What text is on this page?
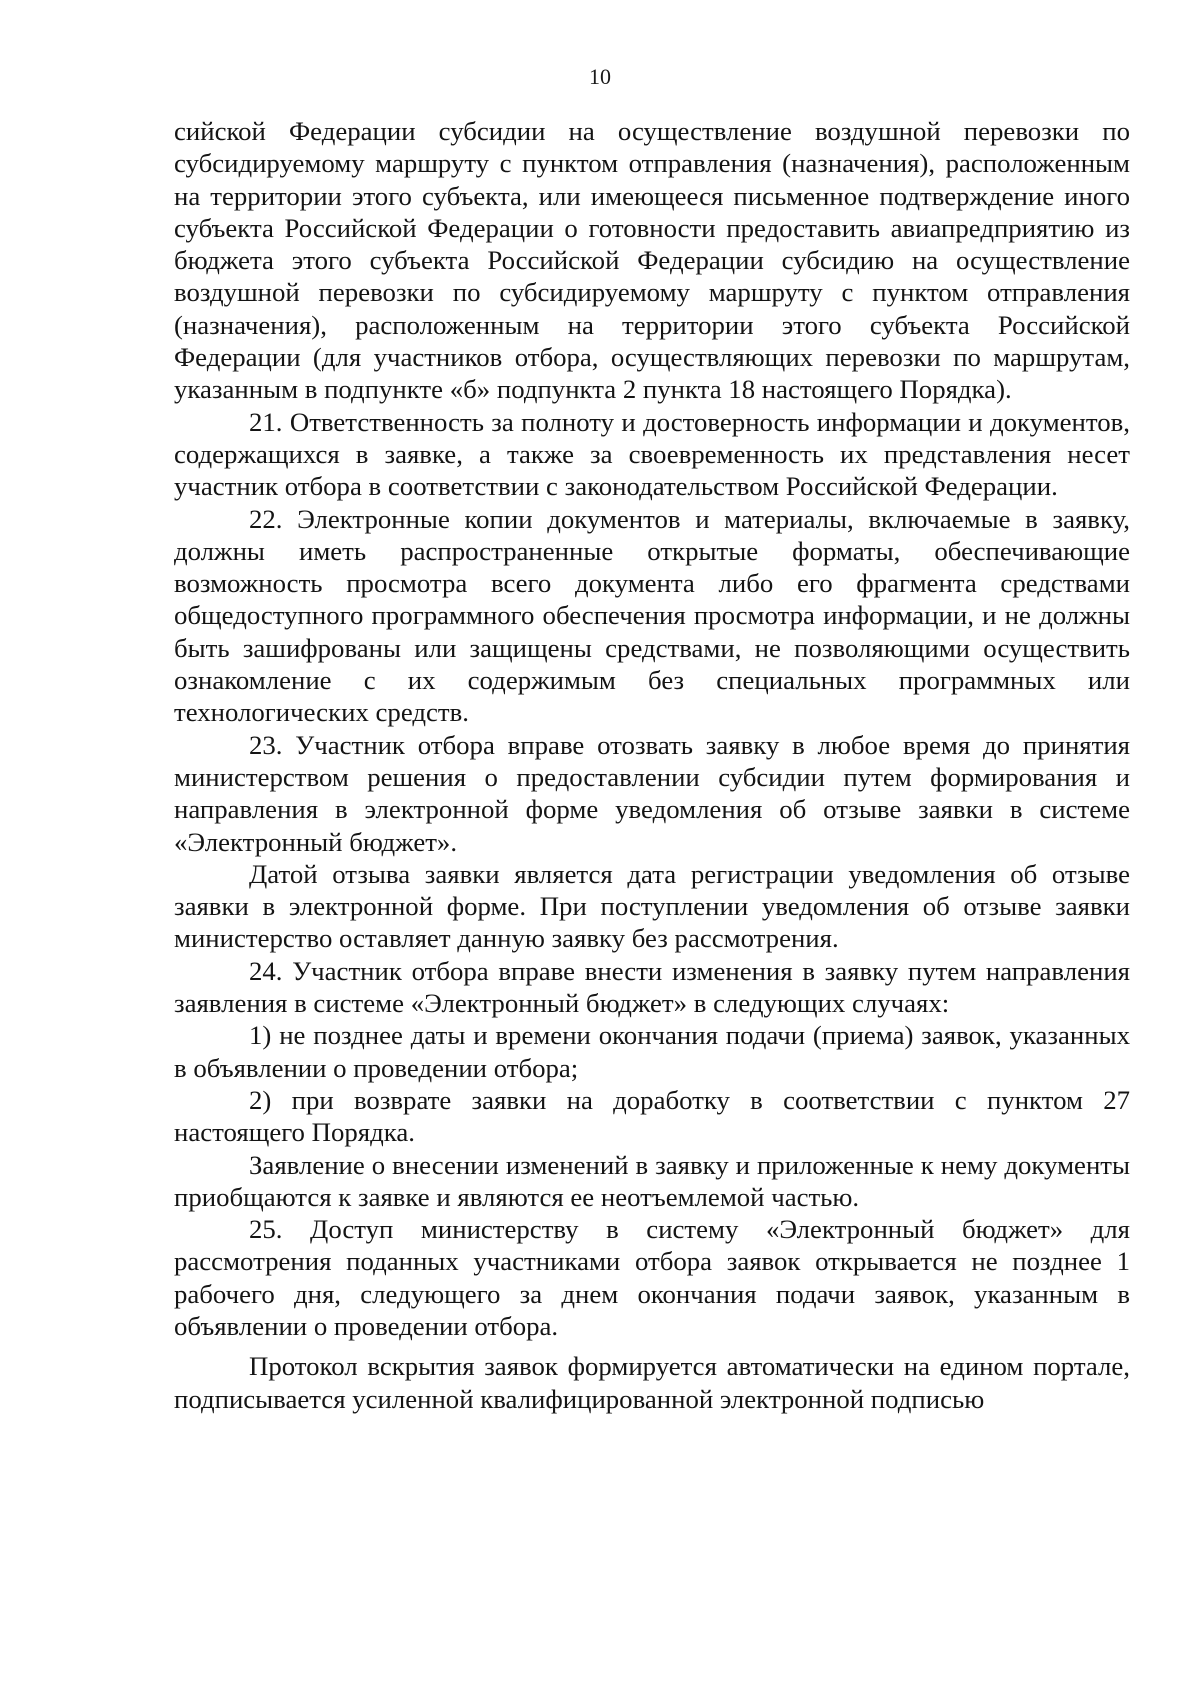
10

сийской Федерации субсидии на осуществление воздушной перевозки по субсидируемому маршруту с пунктом отправления (назначения), расположенным на территории этого субъекта, или имеющееся письменное подтверждение иного субъекта Российской Федерации о готовности предоставить авиапредприятию из бюджета этого субъекта Российской Федерации субсидию на осуществление воздушной перевозки по субсидируемому маршруту с пунктом отправления (назначения), расположенным на территории этого субъекта Российской Федерации (для участников отбора, осуществляющих перевозки по маршрутам, указанным в подпункте «б» подпункта 2 пункта 18 настоящего Порядка).

21. Ответственность за полноту и достоверность информации и документов, содержащихся в заявке, а также за своевременность их представления несет участник отбора в соответствии с законодательством Российской Федерации.

22. Электронные копии документов и материалы, включаемые в заявку, должны иметь распространенные открытые форматы, обеспечивающие возможность просмотра всего документа либо его фрагмента средствами общедоступного программного обеспечения просмотра информации, и не должны быть зашифрованы или защищены средствами, не позволяющими осуществить ознакомление с их содержимым без специальных программных или технологических средств.

23. Участник отбора вправе отозвать заявку в любое время до принятия министерством решения о предоставлении субсидии путем формирования и направления в электронной форме уведомления об отзыве заявки в системе «Электронный бюджет».

Датой отзыва заявки является дата регистрации уведомления об отзыве заявки в электронной форме. При поступлении уведомления об отзыве заявки министерство оставляет данную заявку без рассмотрения.

24. Участник отбора вправе внести изменения в заявку путем направления заявления в системе «Электронный бюджет» в следующих случаях:

1) не позднее даты и времени окончания подачи (приема) заявок, указанных в объявлении о проведении отбора;

2) при возврате заявки на доработку в соответствии с пунктом 27 настоящего Порядка.

Заявление о внесении изменений в заявку и приложенные к нему документы приобщаются к заявке и являются ее неотъемлемой частью.

25. Доступ министерству в систему «Электронный бюджет» для рассмотрения поданных участниками отбора заявок открывается не позднее 1 рабочего дня, следующего за днем окончания подачи заявок, указанным в объявлении о проведении отбора.

Протокол вскрытия заявок формируется автоматически на едином портале, подписывается усиленной квалифицированной электронной подписью
